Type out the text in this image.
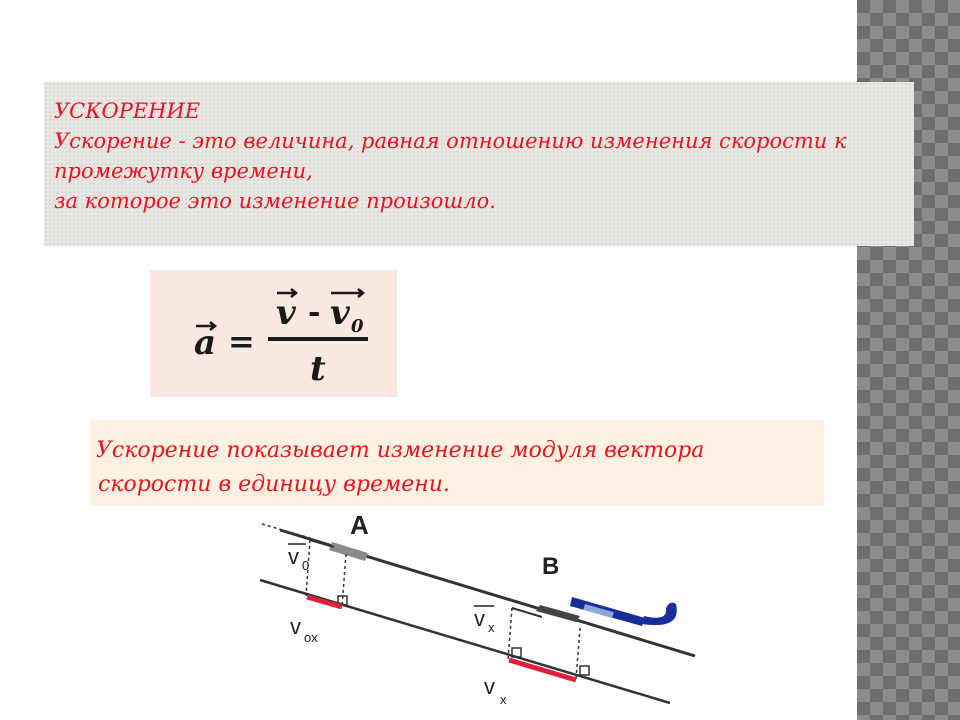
УСКОРЕНИЕ

Ускорение - это величина, равная отношению изменения скорости к

промежутку времени,

за которое это изменение произошло.

a =
v - v 0
t

Ускорение показывает изменение модуля вектора

скорости в единицу времени.

A
B
v 0
v ox
v x
v
x
